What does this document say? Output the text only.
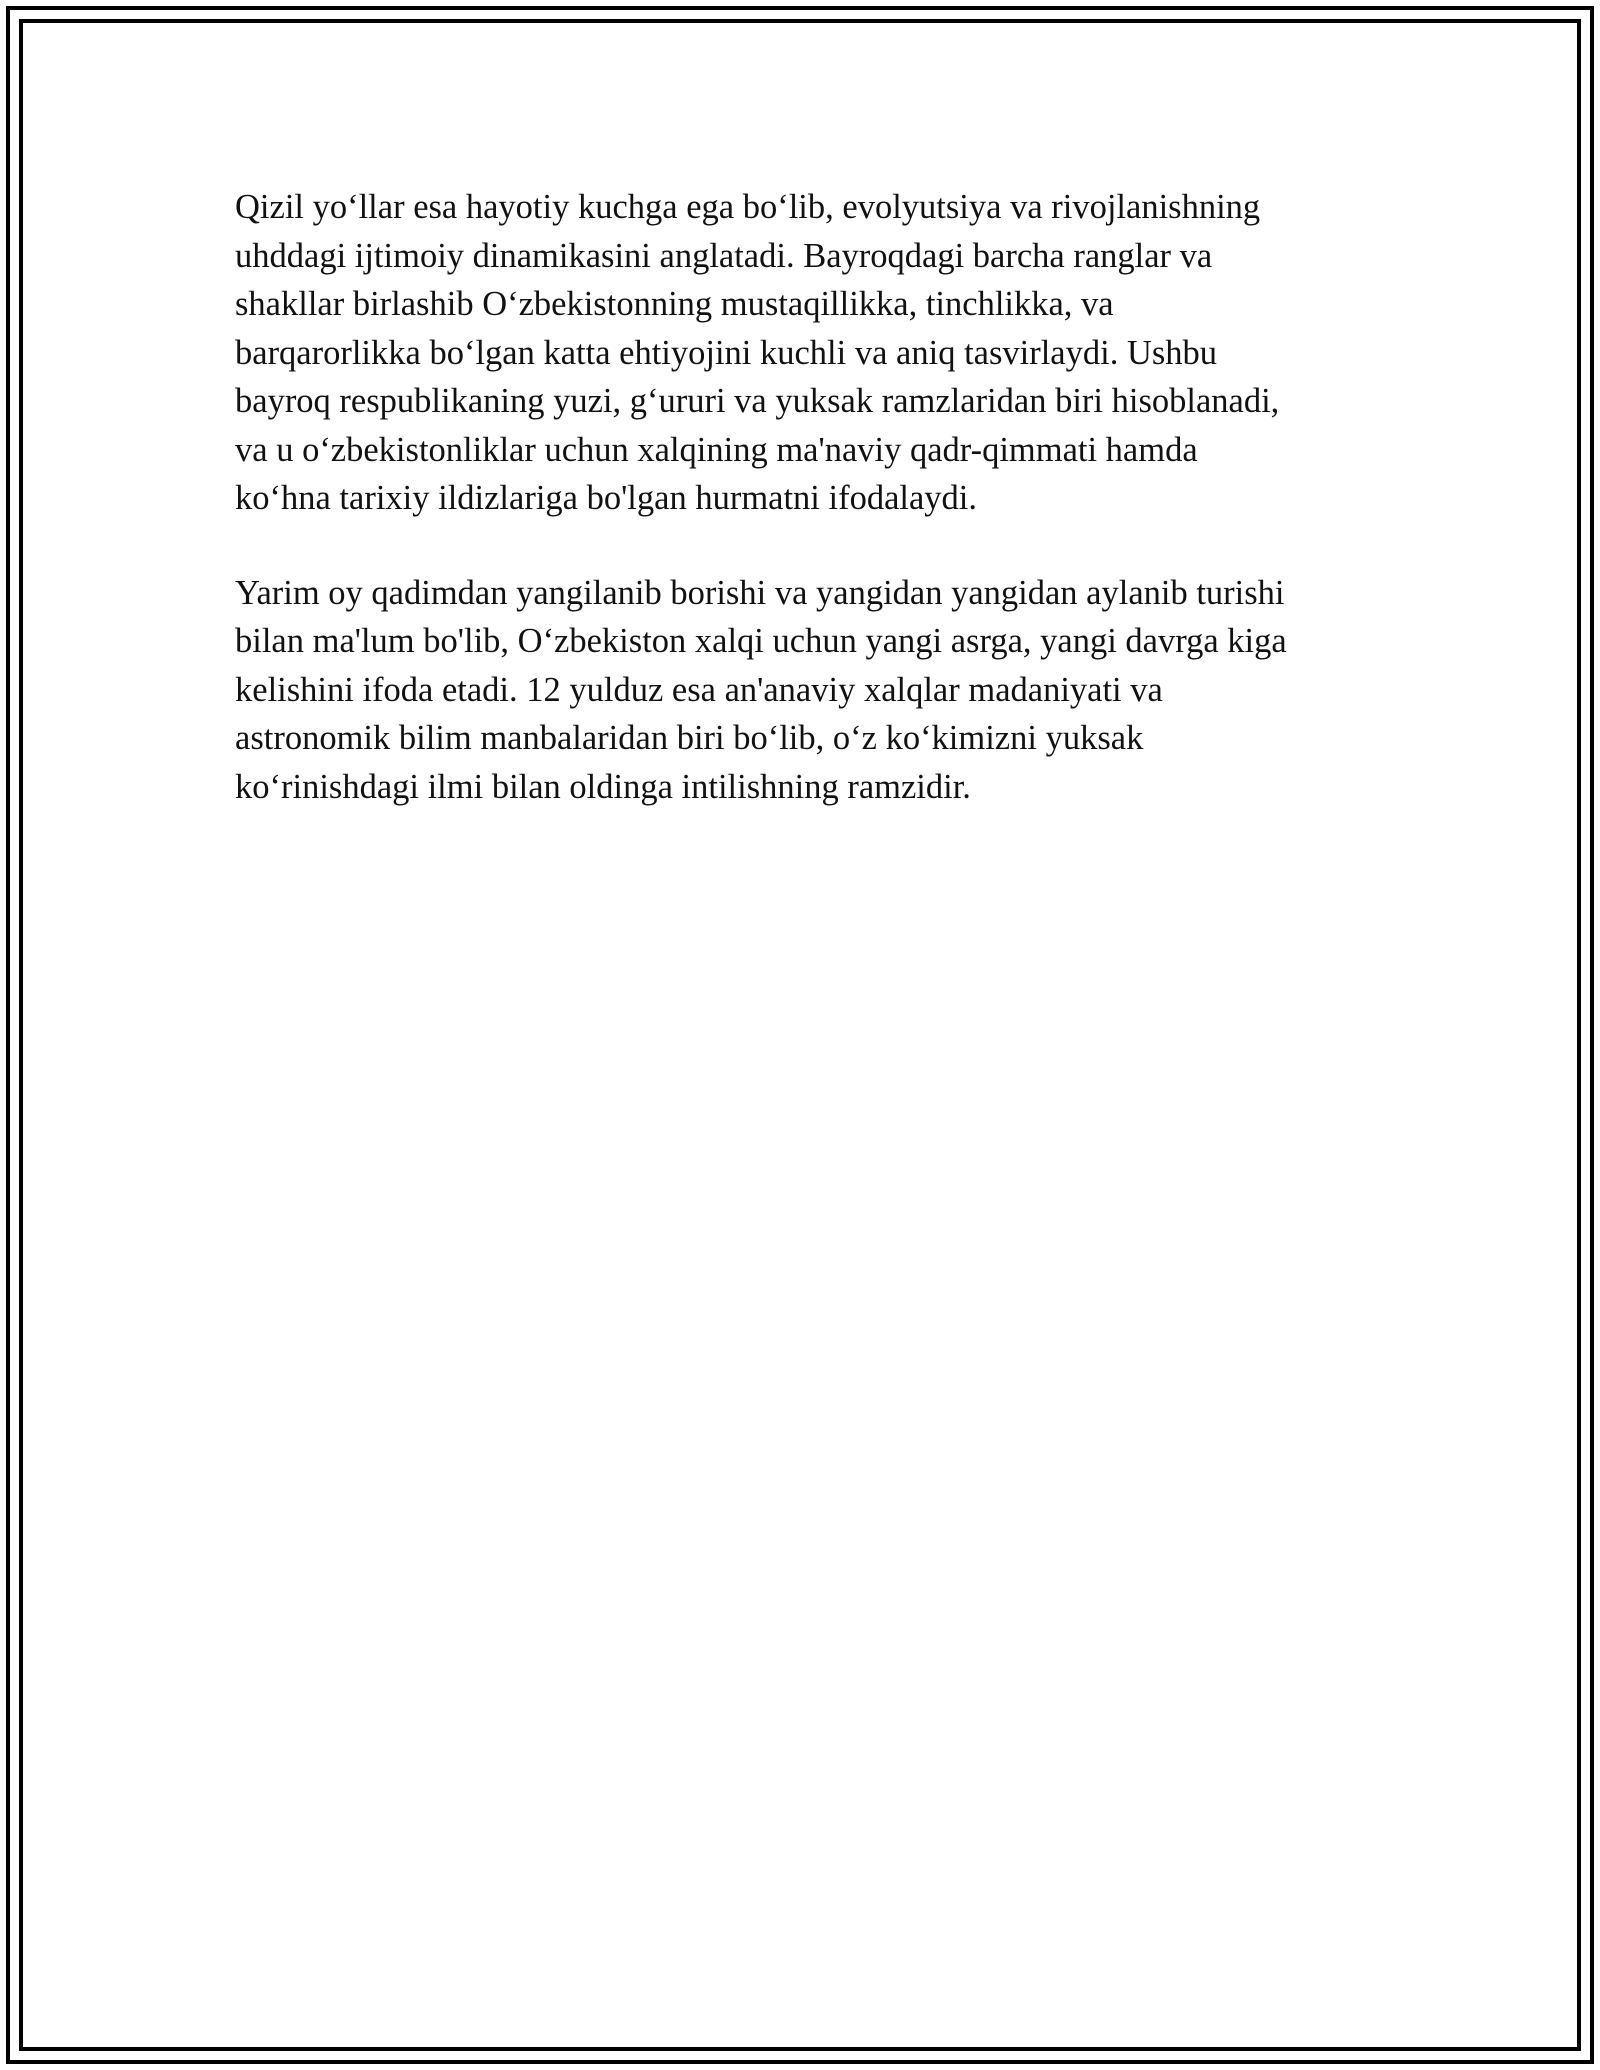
Qizil yo‘llar esa hayotiy kuchga ega bo‘lib, evolyutsiya va rivojlanishning
uhddagi ijtimoiy dinamikasini anglatadi. Bayroqdagi barcha ranglar va
shakllar birlashib O‘zbekistonning mustaqillikka, tinchlikka, va
barqarorlikka bo‘lgan katta ehtiyojini kuchli va aniq tasvirlaydi. Ushbu
bayroq respublikaning yuzi, g‘ururi va yuksak ramzlaridan biri hisoblanadi,
va u o‘zbekistonliklar uchun xalqining ma'naviy qadr-qimmati hamda
ko‘hna tarixiy ildizlariga bo'lgan hurmatni ifodalaydi.

Yarim oy qadimdan yangilanib borishi va yangidan yangidan aylanib turishi
bilan ma'lum bo'lib, O‘zbekiston xalqi uchun yangi asrga, yangi davrga kiga
kelishini ifoda etadi. 12 yulduz esa an'anaviy xalqlar madaniyati va
astronomik bilim manbalaridan biri bo‘lib, o‘z ko‘kimizni yuksak
ko‘rinishdagi ilmi bilan oldinga intilishning ramzidir.
